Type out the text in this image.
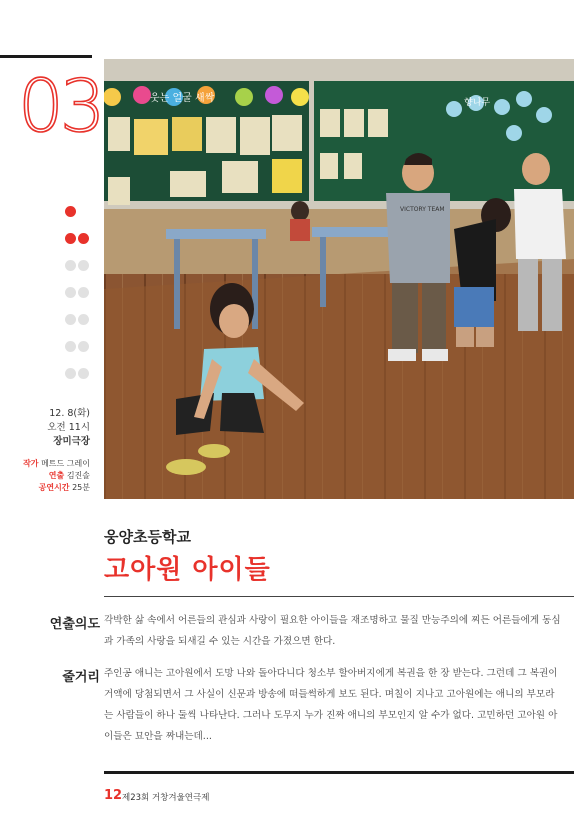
03

12. 8(화)
오전 11시
장미극장
작가 메트드 그레이
연출 김진솔
공연시간 25분
웃는 얼굴 새싹	향나무
VICTORY TEAM
웅양초등학교
고아원 아이들
연출의도 각박한 삶 속에서 어른들의 관심과 사랑이 필요한 아이들을 재조명하고 물질 만능주의에 찌든 어른들에게 동심과 가족의 사랑을 되새길 수 있는 시간을 가졌으면 한다.
줄거리 주인공 애니는 고아원에서 도망 나와 돌아다니다 청소부 할아버지에게 복권을 한 장 받는다. 그런데 그 복권이 거액에 당첨되면서 그 사실이 신문과 방송에 떠들썩하게 보도 된다. 며칠이 지나고 고아원에는 애니의 부모라는 사람들이 하나 둘씩 나타난다. 그러나 도무지 누가 진짜 애니의 부모인지 알 수가 없다. 고민하던 고아원 아이들은 묘안을 짜내는데...
12 제23회 거창겨울연극제
